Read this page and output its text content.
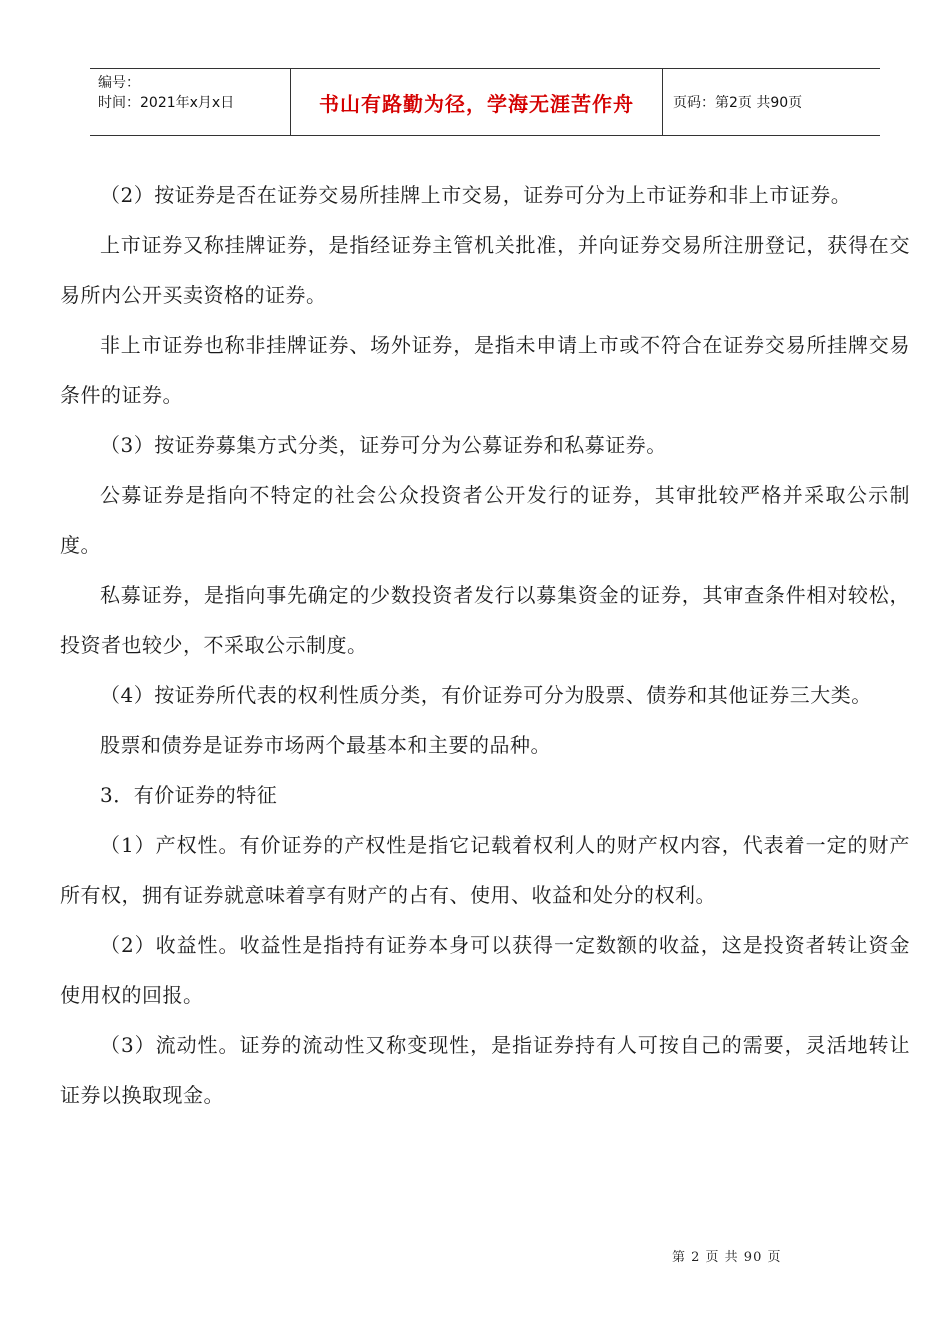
编号：
时间：2021年x月x日	书山有路勤为径，学海无涯苦作舟	页码：第2页 共90页

（2）按证券是否在证券交易所挂牌上市交易，证券可分为上市证券和非上市证券。

上市证券又称挂牌证券，是指经证券主管机关批准，并向证券交易所注册登记，获得在交易所内公开买卖资格的证券。

非上市证券也称非挂牌证券、场外证券，是指未申请上市或不符合在证券交易所挂牌交易条件的证券。

（3）按证券募集方式分类，证券可分为公募证券和私募证券。

公募证券是指向不特定的社会公众投资者公开发行的证券，其审批较严格并采取公示制度。

私募证券，是指向事先确定的少数投资者发行以募集资金的证券，其审查条件相对较松，投资者也较少，不采取公示制度。

（4）按证券所代表的权利性质分类，有价证券可分为股票、债券和其他证券三大类。

股票和债券是证券市场两个最基本和主要的品种。

3．有价证券的特征

（1）产权性。有价证券的产权性是指它记载着权利人的财产权内容，代表着一定的财产所有权，拥有证券就意味着享有财产的占有、使用、收益和处分的权利。

（2）收益性。收益性是指持有证券本身可以获得一定数额的收益，这是投资者转让资金使用权的回报。

（3）流动性。证券的流动性又称变现性，是指证券持有人可按自己的需要，灵活地转让证券以换取现金。

第 2 页 共 90 页
